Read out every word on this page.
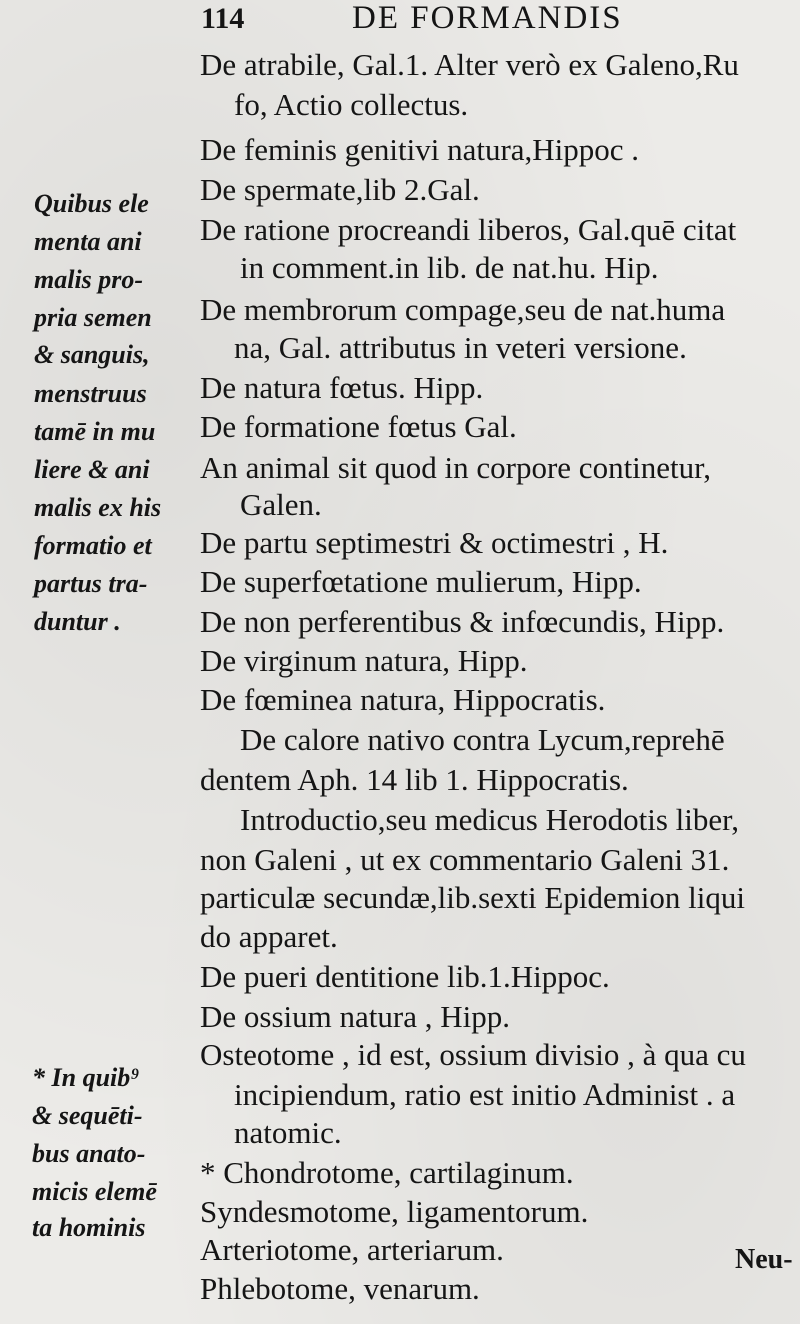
114	DE FORMANDIS
De atrabile, Gal.1. Alter verò ex Galeno,Ru
fo, Actio collectus.
De feminis genitivi natura,Hippoc .
De spermate,lib 2.Gal.
De ratione procreandi liberos, Gal.quē citat
in comment.in lib. de nat.hu. Hip.
De membrorum compage,seu de nat.huma
na, Gal. attributus in veteri versione.
De natura fœtus. Hipp.
De formatione fœtus Gal.
An animal sit quod in corpore continetur,
Galen.
De partu septimestri & octimestri , H.
De superfœtatione mulierum, Hipp.
De non perferentibus & infœcundis, Hipp.
De virginum natura, Hipp.
De fœminea natura, Hippocratis.
De calore nativo contra Lycum,reprehē
dentem Aph. 14 lib 1. Hippocratis.
Introductio,seu medicus Herodotis liber,
non Galeni , ut ex commentario Galeni 31.
particulæ secundæ,lib.sexti Epidemion liqui
do apparet.
De pueri dentitione lib.1.Hippoc.
De ossium natura , Hipp.
Osteotome , id est, ossium divisio , à qua cu
incipiendum, ratio est initio Administ . a
natomic.
* Chondrotome, cartilaginum.
Syndesmotome, ligamentorum.
Arteriotome, arteriarum.
Phlebotome, venarum.
Quibus ele
menta ani
malis pro-
pria semen
& sanguis,
menstruus
tamē in mu
liere & ani
malis ex his
formatio et
partus tra-
duntur .
* In quib⁹
& sequēti-
bus anato-
micis elemē
ta hominis
Neu-
